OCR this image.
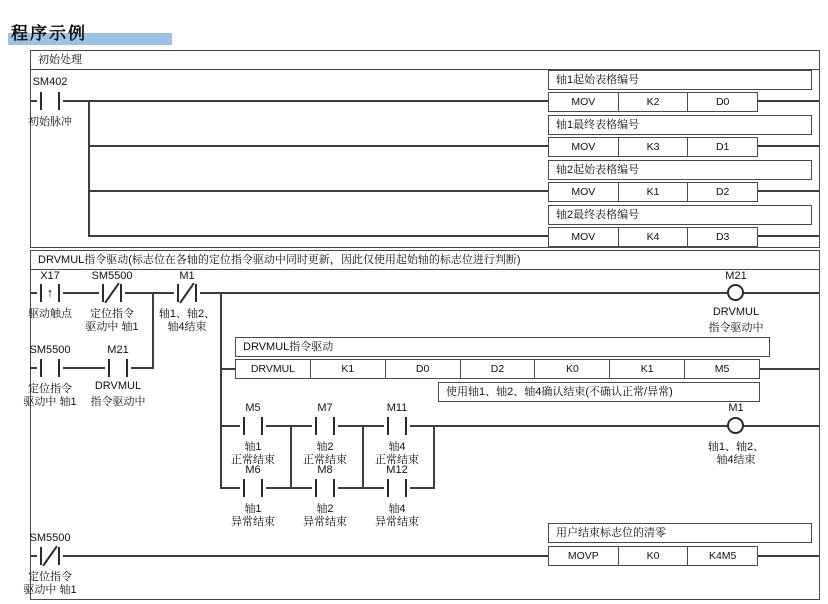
程序示例
初始处理
SM402
初始脉冲
轴1起始表格编号
MOV	K2	D0
轴1最终表格编号
MOV	K3	D1
轴2起始表格编号
MOV	K1	D2
轴2最终表格编号
MOV	K4	D3
DRVMUL指令驱动(标志位在各轴的定位指令驱动中同时更新，因此仅使用起始轴的标志位进行判断)
X17
↑
驱动触点
SM5500
定位指令
驱动中 轴1
M1
轴1、轴2、
轴4结束
M21
DRVMUL
指令驱动中
SM5500
定位指令
驱动中 轴1
M21
DRVMUL
指令驱动中
DRVMUL指令驱动
DRVMUL	K1	D0	D2	K0	K1	M5
使用轴1、轴2、轴4确认结束(不确认正常/异常)
M5
轴1
正常结束
M7
轴2
正常结束
M11
轴4
正常结束
M1
轴1、轴2、
轴4结束
M6
轴1
异常结束
M8
轴2
异常结束
M12
轴4
异常结束
用户结束标志位的清零
MOVP	K0	K4M5
SM5500
定位指令
驱动中 轴1
